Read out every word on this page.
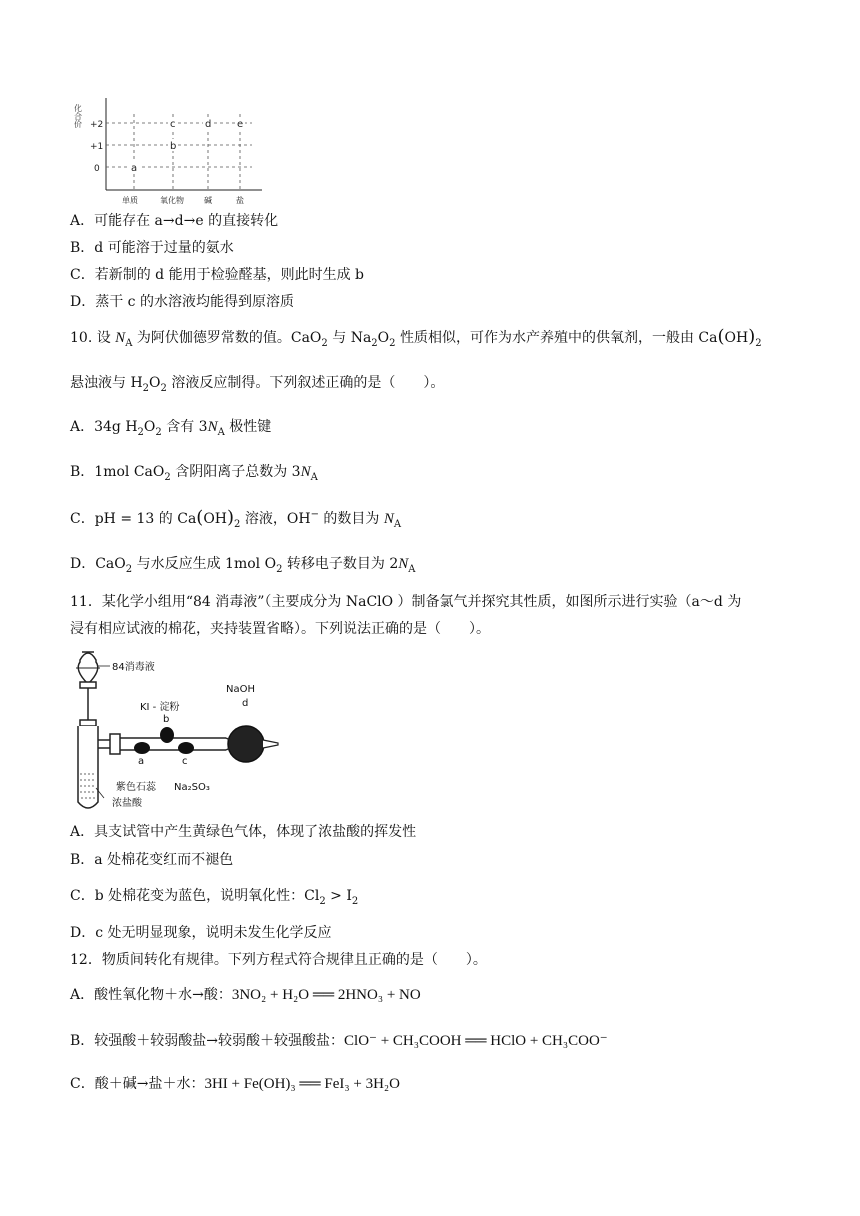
化合价 +2
+1
0	a
b
c	d	e
单质	氧化物	碱	盐
A．可能存在 a→d→e 的直接转化
B．d 可能溶于过量的氨水
C．若新制的 d 能用于检验醛基，则此时生成 b
D．蒸干 c 的水溶液均能得到原溶质
10. 设 $N_A$ 为阿伏伽德罗常数的值。CaO$_2$ 与 $Na_2O_2$ 性质相似，可作为水产养殖中的供氧剂，一般由 $Ca(OH)_2$
悬浊液与 $H_2O_2$ 溶液反应制得。下列叙述正确的是（　　）。
A．34g $H_2O_2$ 含有 $3N_A$ 极性键
B．1mol CaO$_2$ 含阴阳离子总数为 $3N_A$
C．pH = 13 的 $Ca(OH)_2$ 溶液，OH− 的数目为 $N_A$
D．CaO$_2$ 与水反应生成 1mol $O_2$ 转移电子数目为 $2N_A$
11．某化学小组用“84 消毒液”（主要成分为 NaClO ）制备氯气并探究其性质，如图所示进行实验（a～d 为
浸有相应试液的棉花，夹持装置省略）。下列说法正确的是（　　）。
84消毒液
浓盐酸
a
b
c
KI - 淀粉
紫色石蕊 Na₂SO₃
NaOH
d
A．具支试管中产生黄绿色气体，体现了浓盐酸的挥发性
B．a 处棉花变红而不褪色
C．b 处棉花变为蓝色，说明氧化性：$Cl_2 > I_2$
D．c 处无明显现象，说明未发生化学反应
12．物质间转化有规律。下列方程式符合规律且正确的是（　　）。
A．酸性氧化物＋水→酸：3NO₂ + H₂O ══ 2HNO₃ + NO
B．较强酸＋较弱酸盐→较弱酸＋较强酸盐：ClO⁻ + CH₃COOH ══ HClO + CH₃COO⁻
C．酸＋碱→盐＋水：3HI + Fe(OH)₃ ══ FeI₃ + 3H₂O
